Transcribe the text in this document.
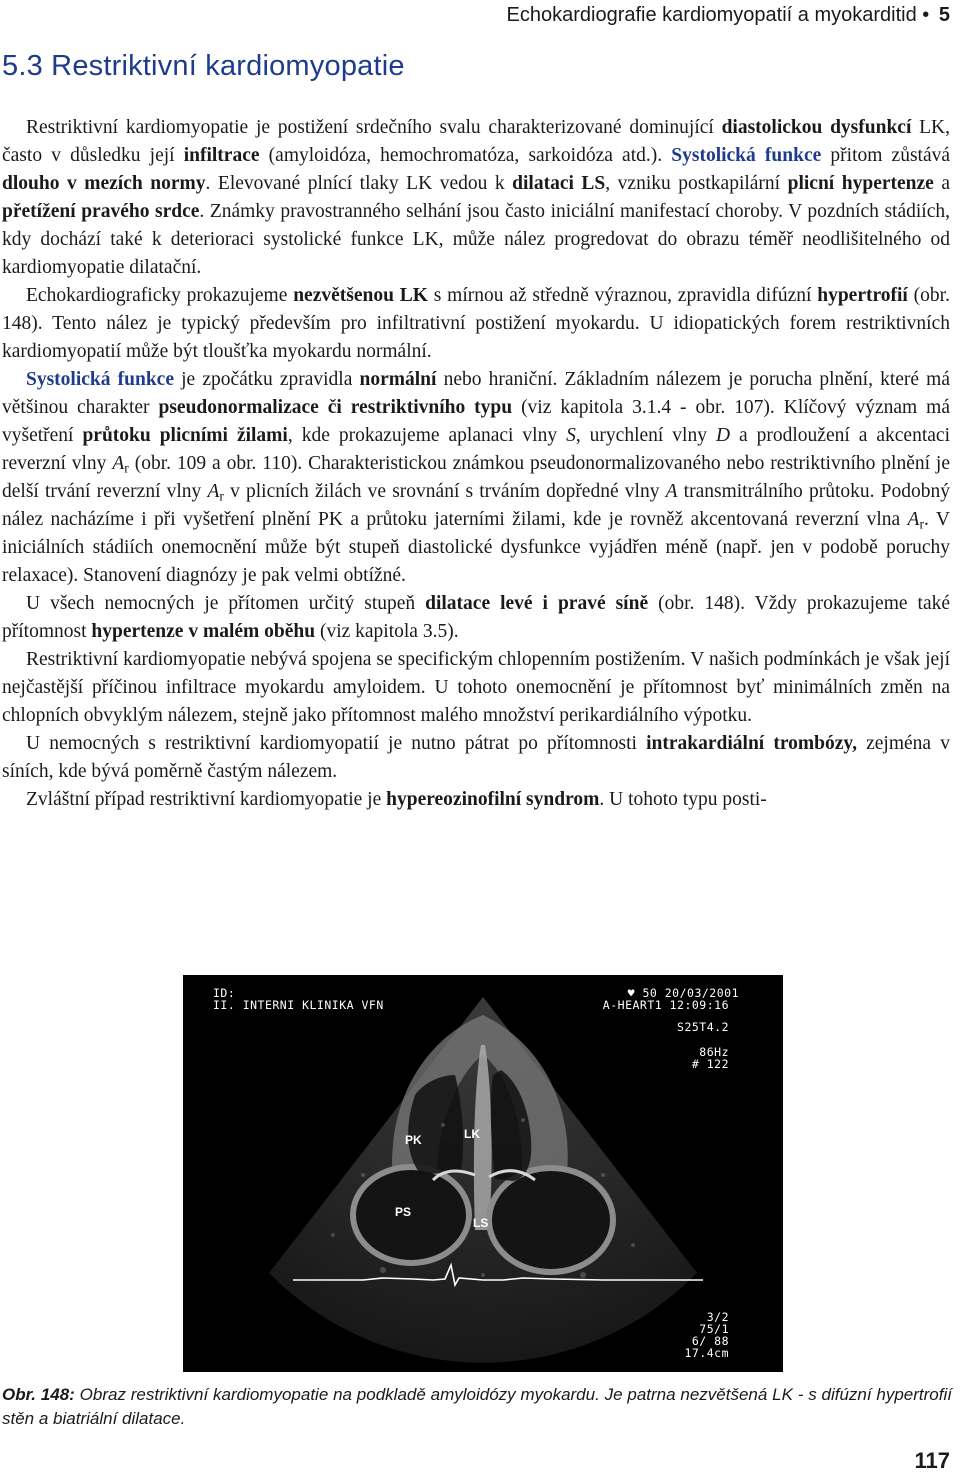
Echokardiografie kardiomyopatií a myokarditid • 5
5.3 Restriktivní kardiomyopatie

Restriktivní kardiomyopatie je postižení srdečního svalu charakterizované dominující diastolickou dysfunkcí LK, často v důsledku její infiltrace (amyloidóza, hemochromatóza, sarkoidóza atd.). Systolická funkce přitom zůstává dlouho v mezích normy. Elevované plnící tlaky LK vedou k dilataci LS, vzniku postkapilární plicní hypertenze a přetížení pravého srdce. Známky pravostranného selhání jsou často iniciální manifestací choroby. V pozdních stádiích, kdy dochází také k deterioraci systolické funkce LK, může nález progredovat do obrazu téměř neodlišitelného od kardiomyopatie dilatační.

Echokardiograficky prokazujeme nezvětšenou LK s mírnou až středně výraznou, zpravidla difúzní hypertrofií (obr. 148). Tento nález je typický především pro infiltrativní postižení myokardu. U idiopatických forem restriktivních kardiomyopatií může být tloušťka myokardu normální.

Systolická funkce je zpočátku zpravidla normální nebo hraniční. Základním nálezem je porucha plnění, které má většinou charakter pseudonormalizace či restriktivního typu (viz kapitola 3.1.4 - obr. 107). Klíčový význam má vyšetření průtoku plicními žilami, kde prokazujeme aplanaci vlny S, urychlení vlny D a prodloužení a akcentaci reverzní vlny $A_r$ (obr. 109 a obr. 110). Charakteristickou známkou pseudonormalizovaného nebo restriktivního plnění je delší trvání reverzní vlny $A_r$ v plicních žilách ve srovnání s trváním dopředné vlny A transmitrálního průtoku. Podobný nález nacházíme i při vyšetření plnění PK a průtoku jaterními žilami, kde je rovněž akcentovaná reverzní vlna $A_r$. V iniciálních stádiích onemocnění může být stupeň diastolické dysfunkce vyjádřen méně (např. jen v podobě poruchy relaxace). Stanovení diagnózy je pak velmi obtížné.

U všech nemocných je přítomen určitý stupeň dilatace levé i pravé síně (obr. 148). Vždy prokazujeme také přítomnost hypertenze v malém oběhu (viz kapitola 3.5).

Restriktivní kardiomyopatie nebývá spojena se specifickým chlopenním postižením. V našich podmínkách je však její nejčastější příčinou infiltrace myokardu amyloidem. U tohoto onemocnění je přítomnost byť minimálních změn na chlopních obvyklým nálezem, stejně jako přítomnost malého množství perikardiálního výpotku.

U nemocných s restriktivní kardiomyopatií je nutno pátrat po přítomnosti intrakardiální trombózy, zejména v síních, kde bývá poměrně častým nálezem.

Zvláštní případ restriktivní kardiomyopatie je hypereozinofilní syndrom. U tohoto typu posti-

ID:
II. INTERNI KLINIKA VFN
♥ 50 20/03/2001
A-HEART1 12:09:16
S25T4.2
86Hz
# 122
3/2
75/1
6/ 88
17.4cm
PK	LK
PS
LS
Obr. 148: Obraz restriktivní kardiomyopatie na podkladě amyloidózy myokardu. Je patrna nezvětšená LK - s difúzní hypertrofií stěn a biatriální dilatace.
117
